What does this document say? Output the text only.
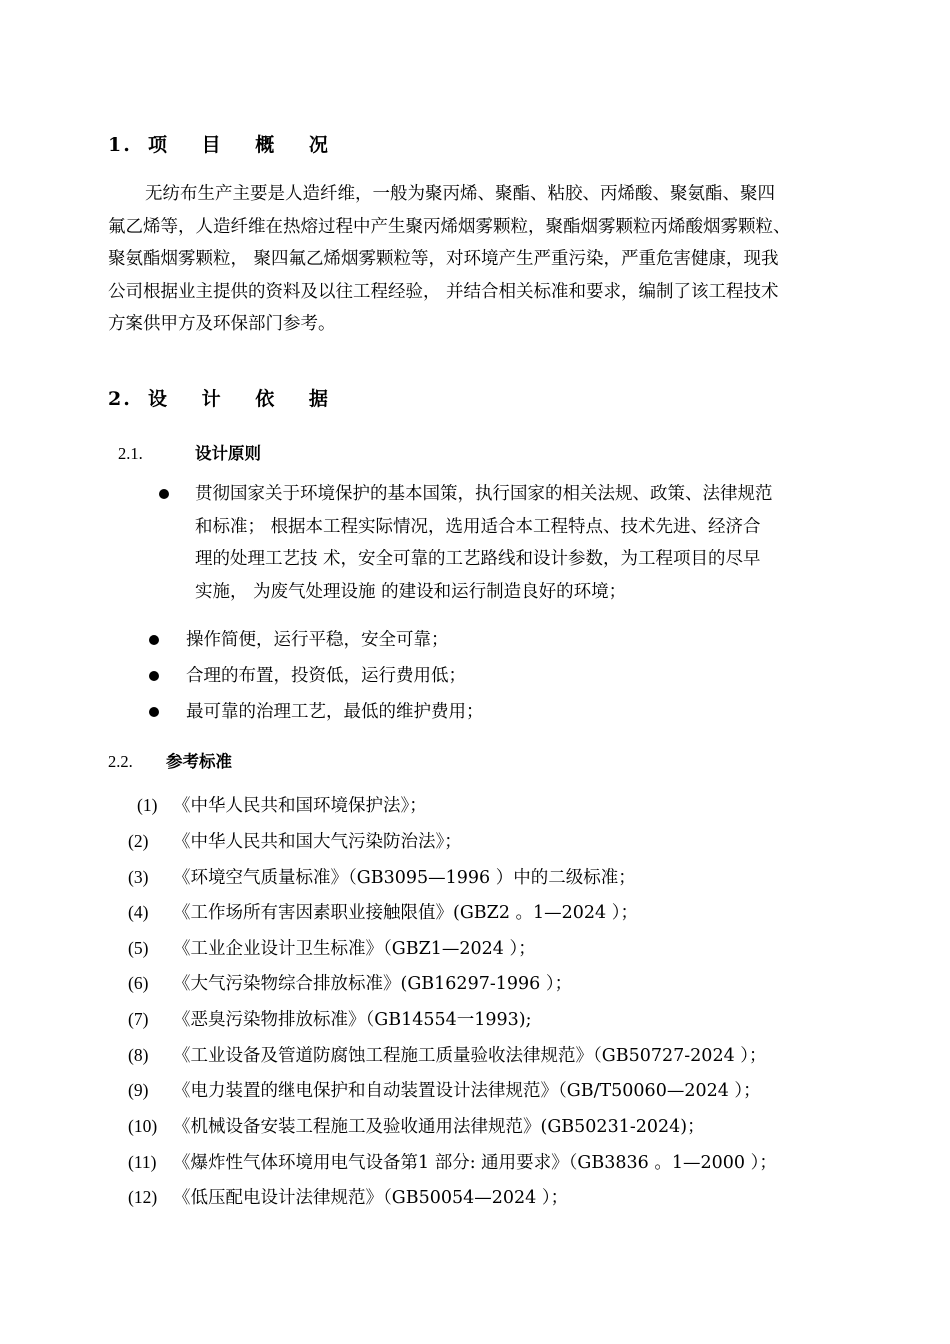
1. 项 目 概 况
无纺布生产主要是人造纤维，一般为聚丙烯、聚酯、粘胶、丙烯酸、聚氨酯、聚四
氟乙烯等，人造纤维在热熔过程中产生聚丙烯烟雾颗粒，聚酯烟雾颗粒丙烯酸烟雾颗粒、
聚氨酯烟雾颗粒， 聚四氟乙烯烟雾颗粒等，对环境产生严重污染，严重危害健康，现我
公司根据业主提供的资料及以往工程经验， 并结合相关标准和要求，编制了该工程技术
方案供甲方及环保部门参考。
2. 设 计 依 据
2.1.	设计原则
贯彻国家关于环境保护的基本国策，执行国家的相关法规、政策、法律规范
和标准； 根据本工程实际情况，选用适合本工程特点、技术先进、经济合
理的处理工艺技 术，安全可靠的工艺路线和设计参数，为工程项目的尽早
实施， 为废气处理设施 的建设和运行制造良好的环境；
操作简便，运行平稳，安全可靠；
合理的布置，投资低，运行费用低；
最可靠的治理工艺，最低的维护费用；
2.2. 参考标准
(1) 《中华人民共和国环境保护法》；
(2) 《中华人民共和国大气污染防治法》；
(3) 《环境空气质量标准》（GB3095—1996 ）中的二级标准；
(4) 《工作场所有害因素职业接触限值》(GBZ2 。1—2024 ）；
(5) 《工业企业设计卫生标准》（GBZ1—2024 ）；
(6) 《大气污染物综合排放标准》(GB16297-1996 ）；
(7) 《恶臭污染物排放标准》（GB14554一1993);
(8) 《工业设备及管道防腐蚀工程施工质量验收法律规范》（GB50727-2024 ）；
(9) 《电力装置的继电保护和自动装置设计法律规范》（GB/T50060—2024 ）；
(10) 《机械设备安装工程施工及验收通用法律规范》(GB50231-2024)；
(11) 《爆炸性气体环境用电气设备第1 部分: 通用要求》（GB3836 。1—2000 ）；
(12) 《低压配电设计法律规范》（GB50054—2024 ）；
